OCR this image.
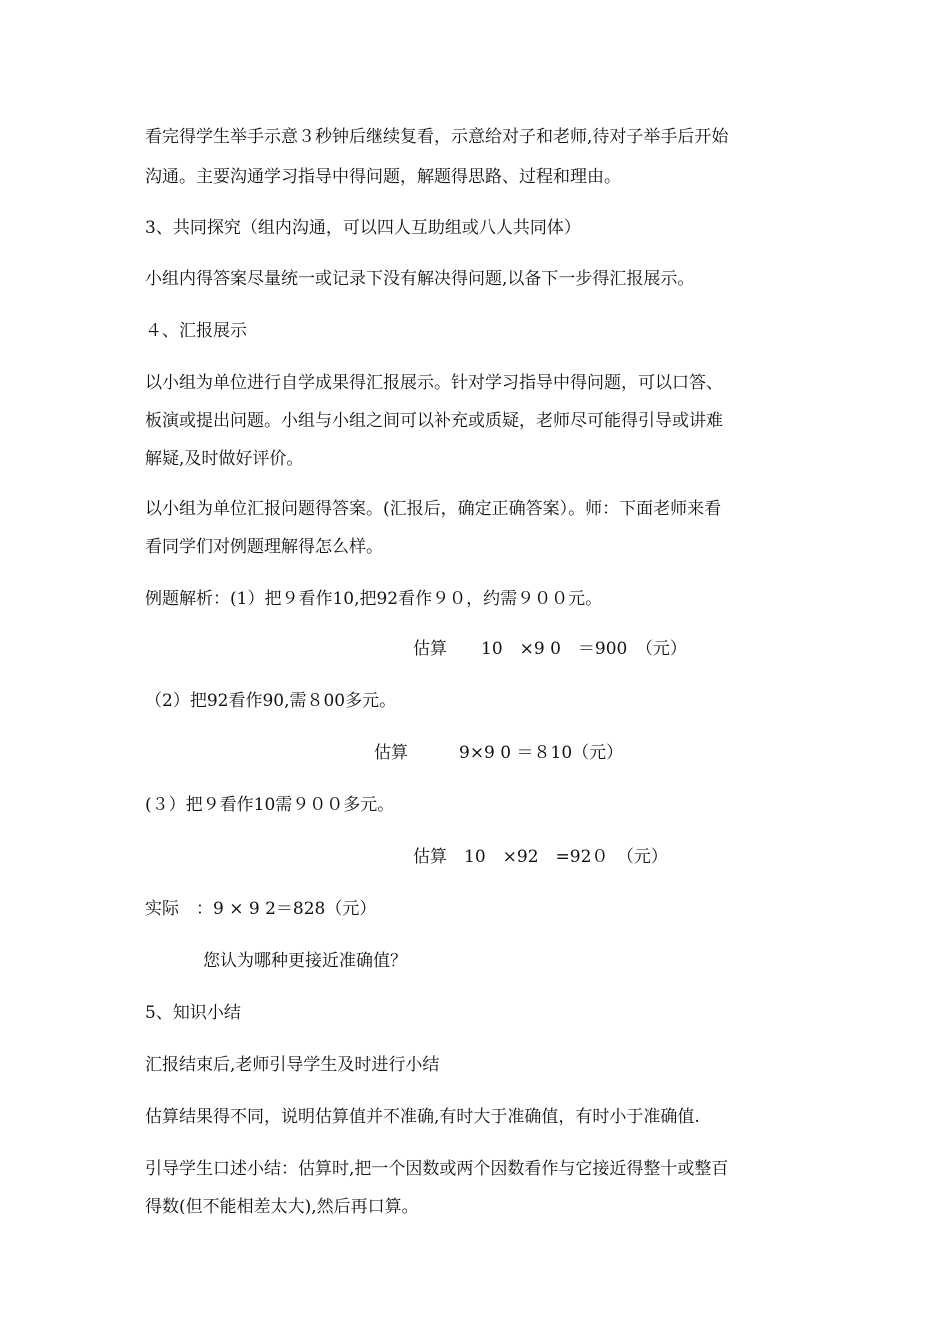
看完得学生举手示意３秒钟后继续复看，示意给对子和老师,待对子举手后开始
沟通。主要沟通学习指导中得问题，解题得思路、过程和理由。
3、共同探究（组内沟通，可以四人互助组或八人共同体）
小组内得答案尽量统一或记录下没有解决得问题,以备下一步得汇报展示。
４、汇报展示
以小组为单位进行自学成果得汇报展示。针对学习指导中得问题，可以口答、
板演或提出问题。小组与小组之间可以补充或质疑，老师尽可能得引导或讲难
解疑,及时做好评价。
以小组为单位汇报问题得答案。(汇报后，确定正确答案）。师：下面老师来看
看同学们对例题理解得怎么样。
例题解析：(1）把９看作10,把92看作９０，约需９００元。
估算　　10　×9 0　＝900　（元）
（2）把92看作90,需８00多元。
估算　　　9×9 0 ＝８10（元）
(３）把９看作10需９００多元。
估算　10　×92　=92０　（元）
实际　：9 × 9 2＝828（元）
您认为哪种更接近准确值？
5、知识小结
汇报结束后,老师引导学生及时进行小结
估算结果得不同，说明估算值并不准确,有时大于准确值，有时小于准确值.
引导学生口述小结：估算时,把一个因数或两个因数看作与它接近得整十或整百
得数(但不能相差太大),然后再口算。
